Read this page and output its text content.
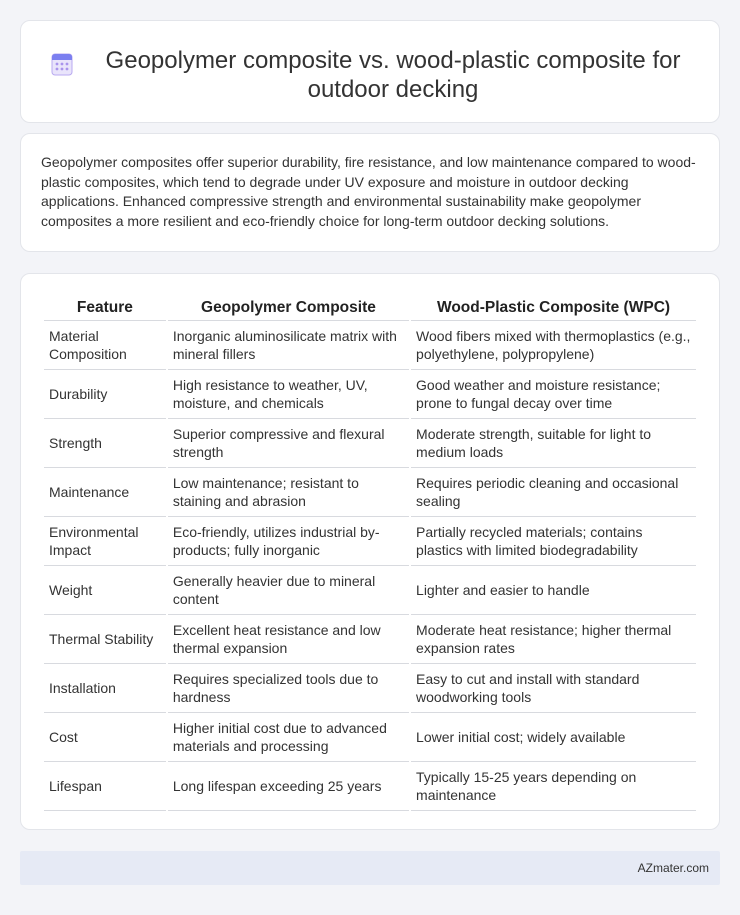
Geopolymer composite vs. wood-plastic composite for outdoor decking

Geopolymer composites offer superior durability, fire resistance, and low maintenance compared to wood-plastic composites, which tend to degrade under UV exposure and moisture in outdoor decking applications. Enhanced compressive strength and environmental sustainability make geopolymer composites a more resilient and eco-friendly choice for long-term outdoor decking solutions.

Feature	Geopolymer Composite	Wood-Plastic Composite (WPC)
Material Composition	Inorganic aluminosilicate matrix with mineral fillers	Wood fibers mixed with thermoplastics (e.g., polyethylene, polypropylene)
Durability	High resistance to weather, UV, moisture, and chemicals	Good weather and moisture resistance; prone to fungal decay over time
Strength	Superior compressive and flexural strength	Moderate strength, suitable for light to medium loads
Maintenance	Low maintenance; resistant to staining and abrasion	Requires periodic cleaning and occasional sealing
Environmental Impact	Eco-friendly, utilizes industrial by-products; fully inorganic	Partially recycled materials; contains plastics with limited biodegradability
Weight	Generally heavier due to mineral content	Lighter and easier to handle
Thermal Stability	Excellent heat resistance and low thermal expansion	Moderate heat resistance; higher thermal expansion rates
Installation	Requires specialized tools due to hardness	Easy to cut and install with standard woodworking tools
Cost	Higher initial cost due to advanced materials and processing	Lower initial cost; widely available
Lifespan	Long lifespan exceeding 25 years	Typically 15-25 years depending on maintenance
AZmater.com
